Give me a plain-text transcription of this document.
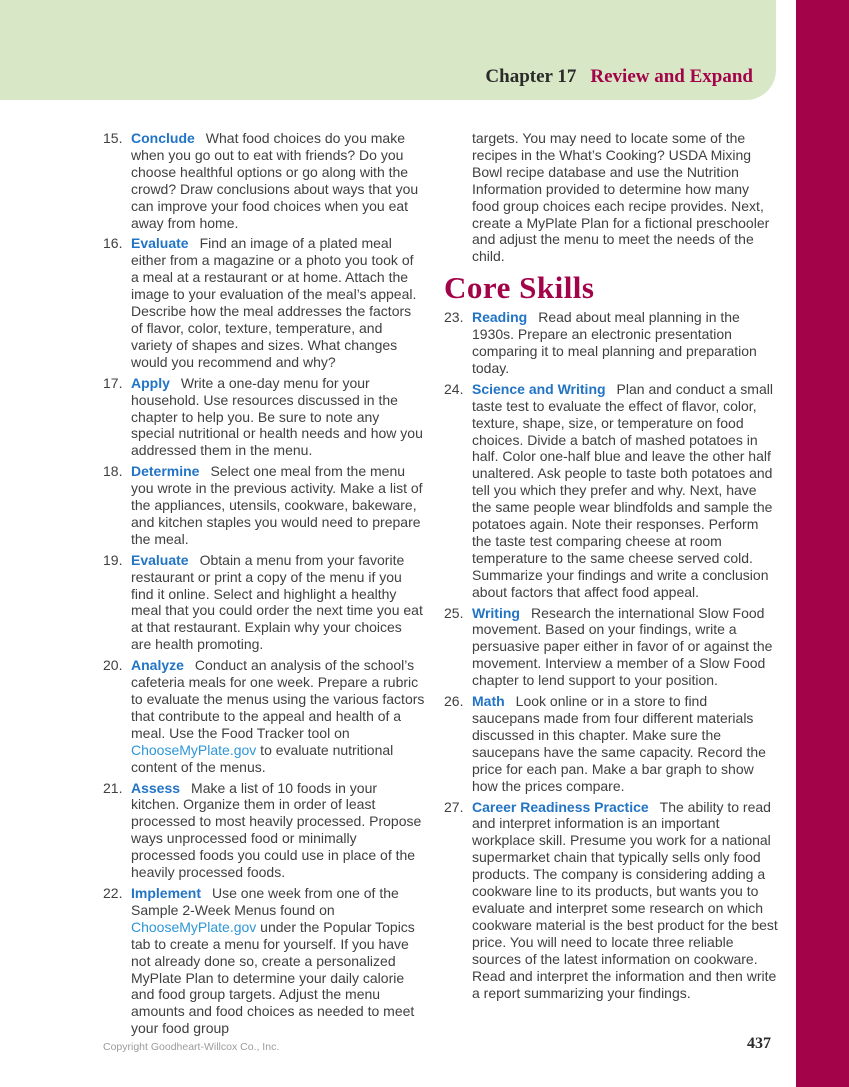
Chapter 17 Review and Expand
15. Conclude What food choices do you make when you go out to eat with friends? Do you choose healthful options or go along with the crowd? Draw conclusions about ways that you can improve your food choices when you eat away from home.
16. Evaluate Find an image of a plated meal either from a magazine or a photo you took of a meal at a restaurant or at home. Attach the image to your evaluation of the meal’s appeal. Describe how the meal addresses the factors of flavor, color, texture, temperature, and variety of shapes and sizes. What changes would you recommend and why?
17. Apply Write a one-day menu for your household. Use resources discussed in the chapter to help you. Be sure to note any special nutritional or health needs and how you addressed them in the menu.
18. Determine Select one meal from the menu you wrote in the previous activity. Make a list of the appliances, utensils, cookware, bakeware, and kitchen staples you would need to prepare the meal.
19. Evaluate Obtain a menu from your favorite restaurant or print a copy of the menu if you find it online. Select and highlight a healthy meal that you could order the next time you eat at that restaurant. Explain why your choices are health promoting.
20. Analyze Conduct an analysis of the school’s cafeteria meals for one week. Prepare a rubric to evaluate the menus using the various factors that contribute to the appeal and health of a meal. Use the Food Tracker tool on ChooseMyPlate.gov to evaluate nutritional content of the menus.
21. Assess Make a list of 10 foods in your kitchen. Organize them in order of least processed to most heavily processed. Propose ways unprocessed food or minimally processed foods you could use in place of the heavily processed foods.
22. Implement Use one week from one of the Sample 2-Week Menus found on ChooseMyPlate.gov under the Popular Topics tab to create a menu for yourself. If you have not already done so, create a personalized MyPlate Plan to determine your daily calorie and food group targets. Adjust the menu amounts and food choices as needed to meet your food group
targets. You may need to locate some of the recipes in the What’s Cooking? USDA Mixing Bowl recipe database and use the Nutrition Information provided to determine how many food group choices each recipe provides. Next, create a MyPlate Plan for a fictional preschooler and adjust the menu to meet the needs of the child.
Core Skills
23. Reading Read about meal planning in the 1930s. Prepare an electronic presentation comparing it to meal planning and preparation today.
24. Science and Writing Plan and conduct a small taste test to evaluate the effect of flavor, color, texture, shape, size, or temperature on food choices. Divide a batch of mashed potatoes in half. Color one-half blue and leave the other half unaltered. Ask people to taste both potatoes and tell you which they prefer and why. Next, have the same people wear blindfolds and sample the potatoes again. Note their responses. Perform the taste test comparing cheese at room temperature to the same cheese served cold. Summarize your findings and write a conclusion about factors that affect food appeal.
25. Writing Research the international Slow Food movement. Based on your findings, write a persuasive paper either in favor of or against the movement. Interview a member of a Slow Food chapter to lend support to your position.
26. Math Look online or in a store to find saucepans made from four different materials discussed in this chapter. Make sure the saucepans have the same capacity. Record the price for each pan. Make a bar graph to show how the prices compare.
27. Career Readiness Practice The ability to read and interpret information is an important workplace skill. Presume you work for a national supermarket chain that typically sells only food products. The company is considering adding a cookware line to its products, but wants you to evaluate and interpret some research on which cookware material is the best product for the best price. You will need to locate three reliable sources of the latest information on cookware. Read and interpret the information and then write a report summarizing your findings.
Copyright Goodheart-Willcox Co., Inc.	437
